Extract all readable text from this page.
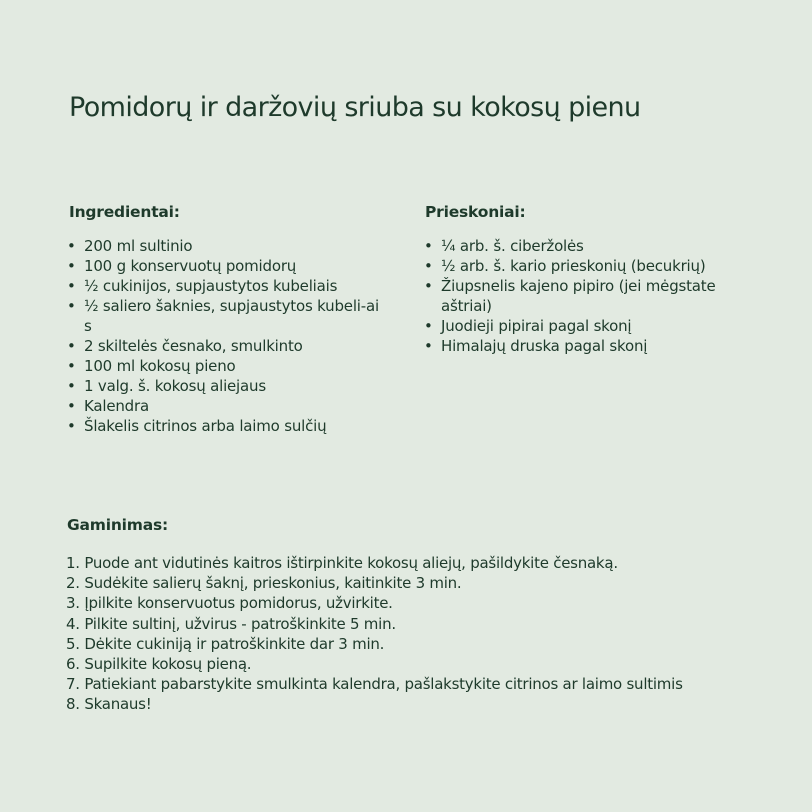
Pomidorų ir daržovių sriuba su kokosų pienu
Ingredientai:
• 200 ml sultinio
• 100 g konservuotų pomidorų
• ½ cukinijos, supjaustytos kubeliais
• ½ saliero šaknies, supjaustytos kubeli-ais
• 2 skiltelės česnako, smulkinto
• 100 ml kokosų pieno
• 1 valg. š. kokosų aliejaus
• Kalendra
• Šlakelis citrinos arba laimo sulčių
Prieskoniai:
• ¼ arb. š. ciberžolės
• ½ arb. š. kario prieskonių (becukrių)
• Žiupsnelis kajeno pipiro (jei mėgstate aštriai)
• Juodieji pipirai pagal skonį
• Himalajų druska pagal skonį
Gaminimas:
1. Puode ant vidutinės kaitros ištirpinkite kokosų aliejų, pašildykite česnaką.
2. Sudėkite salierų šaknį, prieskonius, kaitinkite 3 min.
3. Įpilkite konservuotus pomidorus, užvirkite.
4. Pilkite sultinį, užvirus - patroškinkite 5 min.
5. Dėkite cukiniją ir patroškinkite dar 3 min.
6. Supilkite kokosų pieną.
7. Patiekiant pabarstykite smulkinta kalendra, pašlakstykite citrinos ar laimo sultimis
8. Skanaus!
